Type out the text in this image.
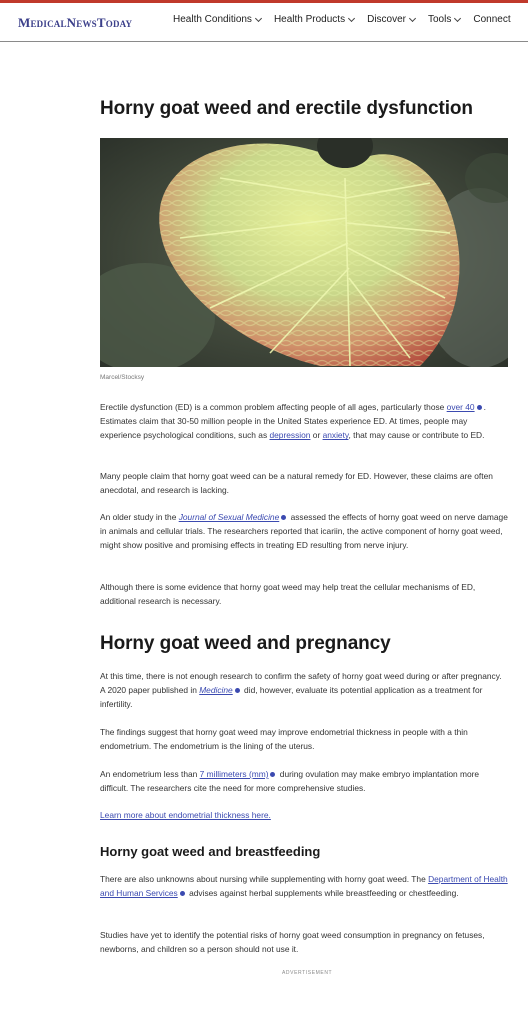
MedicalNewsToday	Health Conditions Health Products Discover Tools Connect
Horny goat weed and erectile dysfunction
Marcel/Stocksy

Erectile dysfunction (ED) is a common problem affecting people of all ages, particularly those over 40 . Estimates claim that 30-50 million people in the United States experience ED. At times, people may experience psychological conditions, such as depression or anxiety, that may cause or contribute to ED.

Many people claim that horny goat weed can be a natural remedy for ED. However, these claims are often anecdotal, and research is lacking.

An older study in the Journal of Sexual Medicine assessed the effects of horny goat weed on nerve damage in animals and cellular trials. The researchers reported that icariin, the active component of horny goat weed, might show positive and promising effects in treating ED resulting from nerve injury.

Although there is some evidence that horny goat weed may help treat the cellular mechanisms of ED, additional research is necessary.

Horny goat weed and pregnancy

At this time, there is not enough research to confirm the safety of horny goat weed during or after pregnancy. A 2020 paper published in Medicine did, however, evaluate its potential application as a treatment for infertility.

The findings suggest that horny goat weed may improve endometrial thickness in people with a thin endometrium. The endometrium is the lining of the uterus.

An endometrium less than 7 millimeters (mm) during ovulation may make embryo implantation more difficult. The researchers cite the need for more comprehensive studies.

Learn more about endometrial thickness here.
Horny goat weed and breastfeeding

There are also unknowns about nursing while supplementing with horny goat weed. The Department of Health and Human Services advises against herbal supplements while breastfeeding or chestfeeding.

Studies have yet to identify the potential risks of horny goat weed consumption in pregnancy on fetuses, newborns, and children so a person should not use it.

ADVERTISEMENT
